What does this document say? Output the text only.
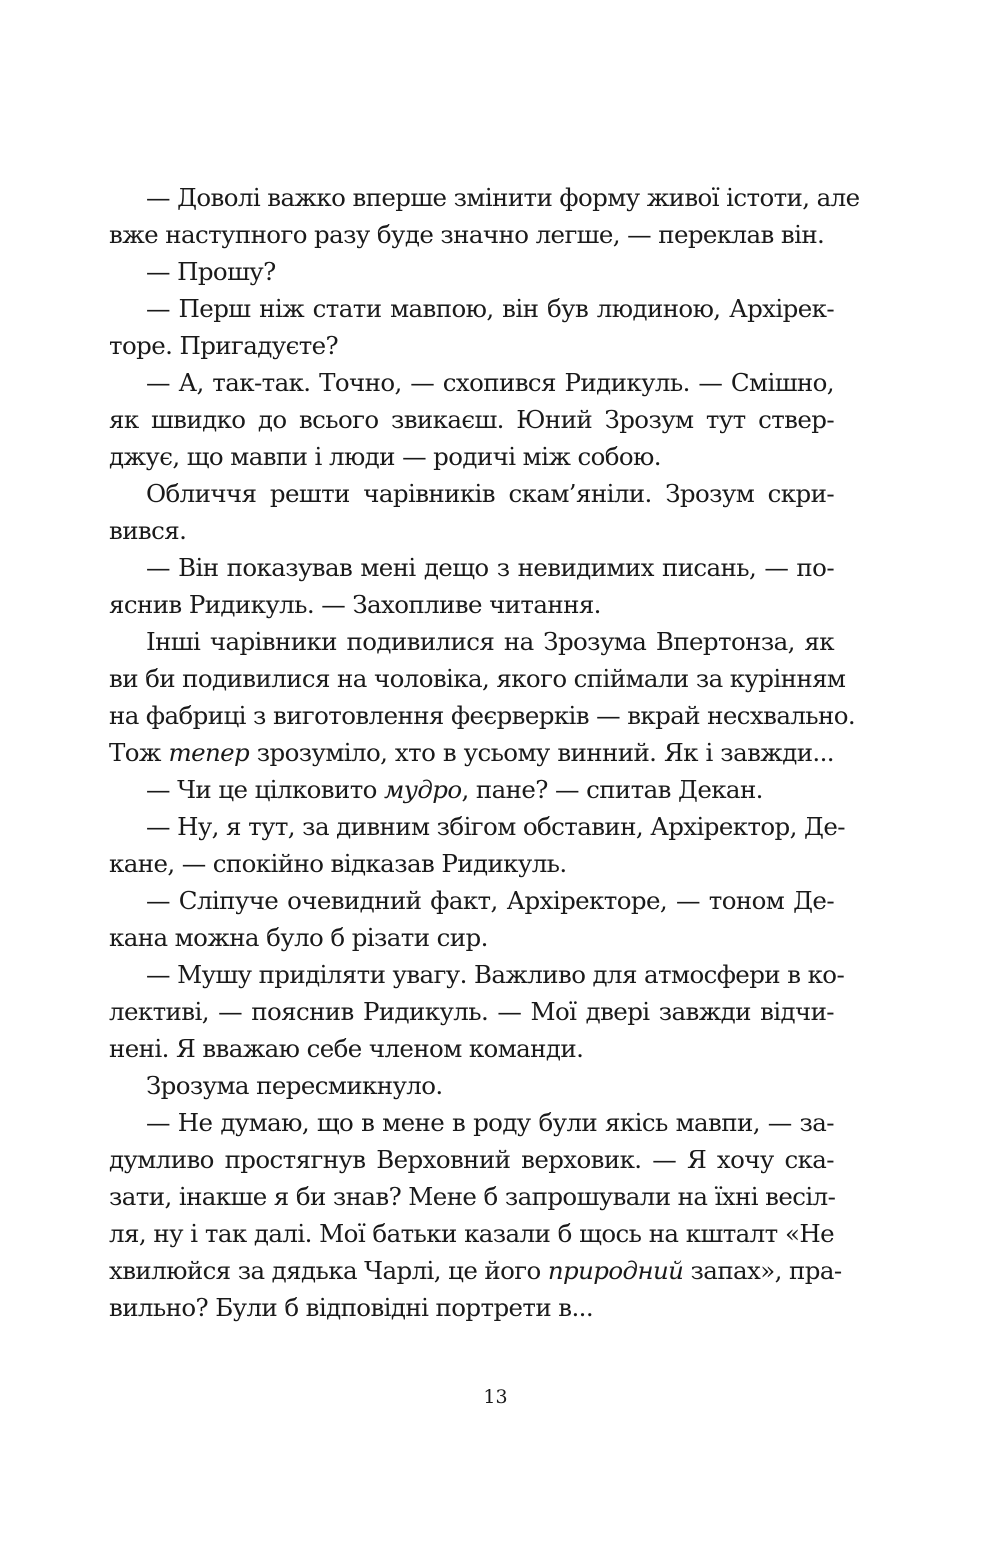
— Доволі важко вперше змінити форму живої істоти, але
вже наступного разу буде значно легше, — переклав він.
— Прошу?
— Перш ніж стати мавпою, він був людиною, Архірек-
торе. Пригадуєте?
— А, так-так. Точно, — схопився Ридикуль. — Смішно,
як швидко до всього звикаєш. Юний Зрозум тут ствер-
джує, що мавпи і люди — родичі між собою.
Обличчя решти чарівників скам’яніли. Зрозум скри-
вився.
— Він показував мені дещо з невидимих писань, — по-
яснив Ридикуль. — Захопливе читання.
Інші чарівники подивилися на Зрозума Впертонза, як
ви би подивилися на чоловіка, якого спіймали за курінням
на фабриці з виготовлення феєрверків — вкрай несхвально.
Тож тепер зрозуміло, хто в усьому винний. Як і завжди...
— Чи це цілковито мудро, пане? — спитав Декан.
— Ну, я тут, за дивним збігом обставин, Архіректор, Де-
кане, — спокійно відказав Ридикуль.
— Сліпуче очевидний факт, Архіректоре, — тоном Де-
кана можна було б різати сир.
— Мушу приділяти увагу. Важливо для атмосфери в ко-
лективі, — пояснив Ридикуль. — Мої двері завжди відчи-
нені. Я вважаю себе членом команди.
Зрозума пересмикнуло.
— Не думаю, що в мене в роду були якісь мавпи, — за-
думливо простягнув Верховний верховик. — Я хочу ска-
зати, інакше я би знав? Мене б запрошували на їхні весіл-
ля, ну і так далі. Мої батьки казали б щось на кшталт «Не
хвилюйся за дядька Чарлі, це його природний запах», пра-
вильно? Були б відповідні портрети в...
13
